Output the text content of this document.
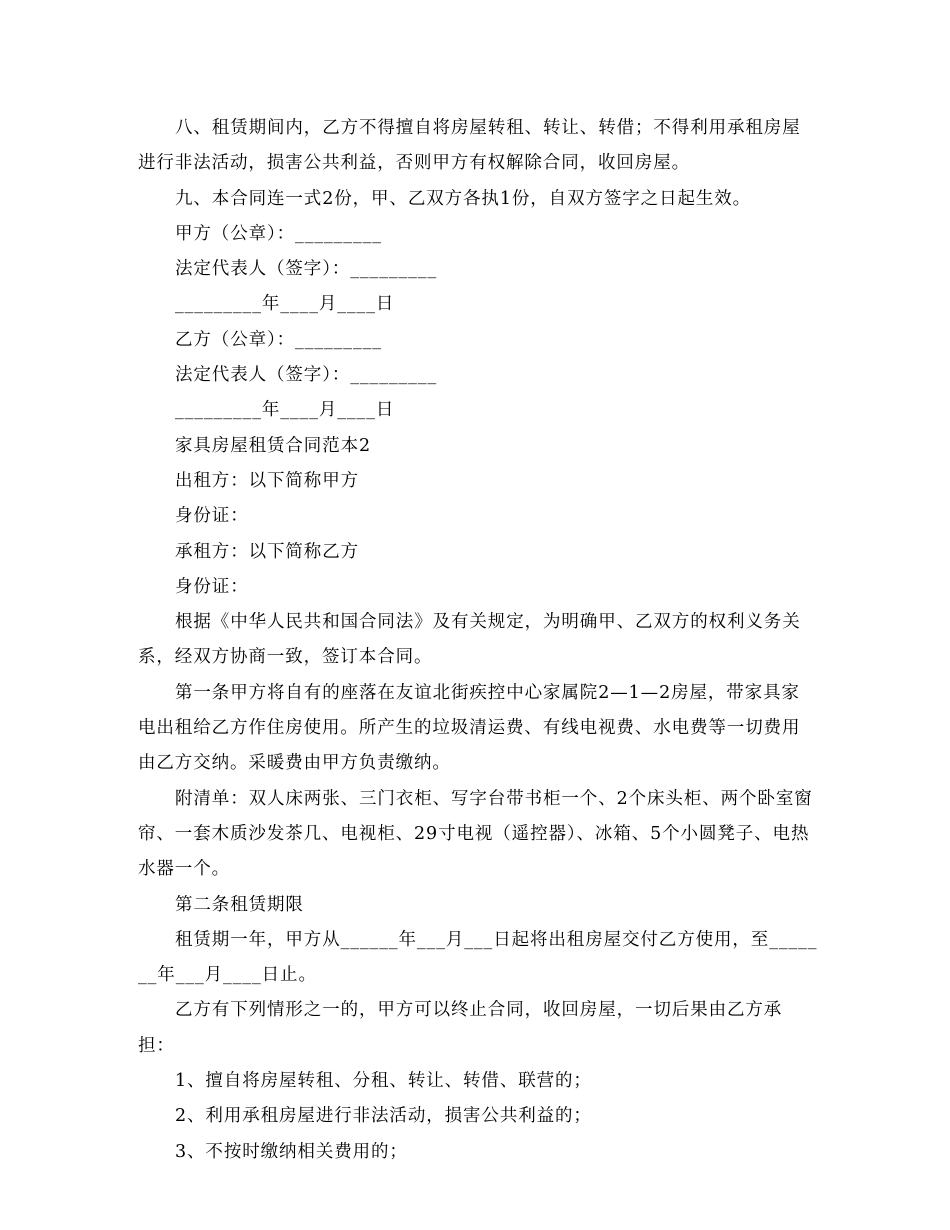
八、租赁期间内，乙方不得擅自将房屋转租、转让、转借；不得利用承租房屋进行非法活动，损害公共利益，否则甲方有权解除合同，收回房屋。

九、本合同连一式2份，甲、乙双方各执1份，自双方签字之日起生效。

甲方（公章）：_________

法定代表人（签字）：_________

_________年____月____日

乙方（公章）：_________

法定代表人（签字）：_________

_________年____月____日

家具房屋租赁合同范本2

出租方：以下简称甲方

身份证：

承租方：以下简称乙方

身份证：

根据《中华人民共和国合同法》及有关规定，为明确甲、乙双方的权利义务关系，经双方协商一致，签订本合同。

第一条甲方将自有的座落在友谊北街疾控中心家属院2—1—2房屋，带家具家电出租给乙方作住房使用。所产生的垃圾清运费、有线电视费、水电费等一切费用由乙方交纳。采暖费由甲方负责缴纳。

附清单：双人床两张、三门衣柜、写字台带书柜一个、2个床头柜、两个卧室窗帘、一套木质沙发茶几、电视柜、29寸电视（遥控器）、冰箱、5个小圆凳子、电热水器一个。

第二条租赁期限

租赁期一年，甲方从______年___月___日起将出租房屋交付乙方使用，至_______年___月____日止。

乙方有下列情形之一的，甲方可以终止合同，收回房屋，一切后果由乙方承担：

1、擅自将房屋转租、分租、转让、转借、联营的；

2、利用承租房屋进行非法活动，损害公共利益的；

3、不按时缴纳相关费用的；
